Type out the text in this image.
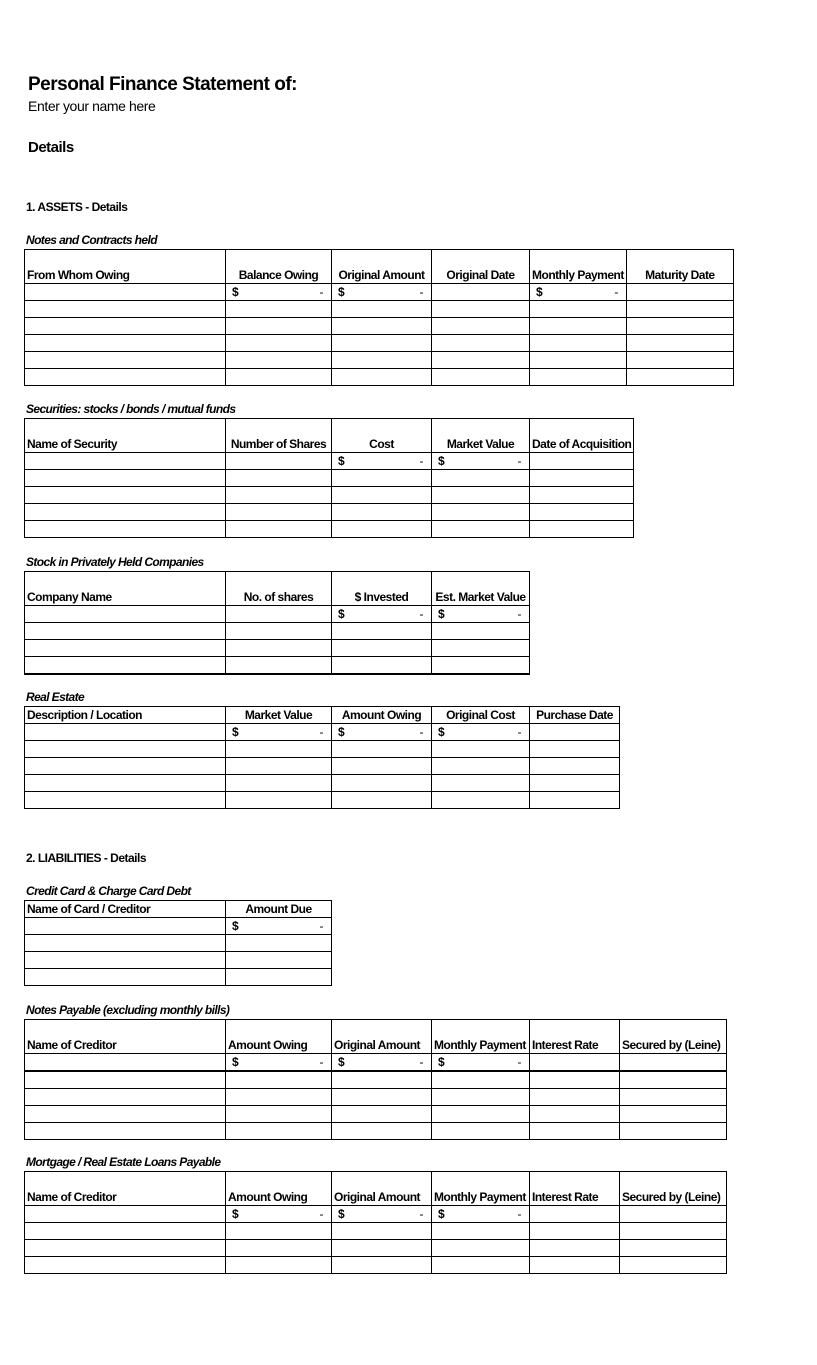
Personal Finance Statement of:
Enter your name here
Details
1. ASSETS - Details
Notes and Contracts held
From Whom Owing	Balance Owing	Original Amount	Original Date	Monthly Payment	Maturity Date

	$ -	$ -		$ -	

Securities: stocks / bonds / mutual funds
Name of Security	Number of Shares	Cost	Market Value	Date of Acquisition

		$ -	$ -	

Stock in Privately Held Companies
Company Name	No. of shares	$ Invested	Est. Market Value

		$ -	$ -

Real Estate
Description / Location	Market Value	Amount Owing	Original Cost	Purchase Date

	$ -	$ -	$ -	

2. LIABILITIES - Details
Credit Card & Charge Card Debt
Name of Card / Creditor	Amount Due

	$ -

Notes Payable (excluding monthly bills)
Name of Creditor	Amount Owing	Original Amount	Monthly Payment	Interest Rate	Secured by (Leine)

	$ -	$ -	$ -		

Mortgage / Real Estate Loans Payable
Name of Creditor	Amount Owing	Original Amount	Monthly Payment	Interest Rate	Secured by (Leine)

	$ -	$ -	$ -		
